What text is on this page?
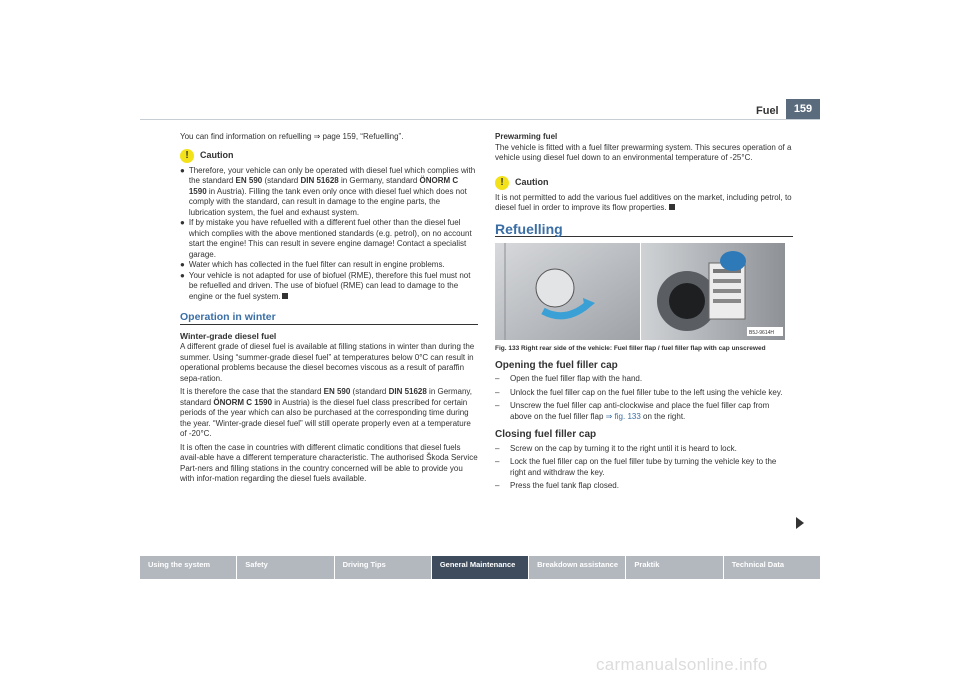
Fuel	159

You can find information on refuelling ⇒ page 159, “Refuelling”.

!	Caution
● Therefore, your vehicle can only be operated with diesel fuel which complies with the standard EN 590 (standard DIN 51628 in Germany, standard ÖNORM C 1590 in Austria). Filling the tank even only once with diesel fuel which does not comply with the standard, can result in damage to the engine parts, the lubrication system, the fuel and exhaust system.
● If by mistake you have refuelled with a different fuel other than the diesel fuel which complies with the above mentioned standards (e.g. petrol), on no account start the engine! This can result in severe engine damage! Contact a specialist garage.
● Water which has collected in the fuel filter can result in engine problems.
● Your vehicle is not adapted for use of biofuel (RME), therefore this fuel must not be refuelled and driven. The use of biofuel (RME) can lead to damage to the engine or the fuel system.
Operation in winter
Winter-grade diesel fuel

A different grade of diesel fuel is available at filling stations in winter than during the summer. Using “summer-grade diesel fuel” at temperatures below 0°C can result in operational problems because the diesel becomes viscous as a result of paraffin sepa-ration.

It is therefore the case that the standard EN 590 (standard DIN 51628 in Germany, standard ÖNORM C 1590 in Austria) is the diesel fuel class prescribed for certain periods of the year which can also be purchased at the corresponding time during the year. “Winter-grade diesel fuel” will still operate properly even at a temperature of -20°C.

It is often the case in countries with different climatic conditions that diesel fuels avail-able have a different temperature characteristic. The authorised Škoda Service Part-ners and filling stations in the country concerned will be able to provide you with infor-mation regarding the diesel fuels available.

Prewarming fuel

The vehicle is fitted with a fuel filter prewarming system. This secures operation of a vehicle using diesel fuel down to an environmental temperature of -25°C.

!	Caution

It is not permitted to add the various fuel additives on the market, including petrol, to diesel fuel in order to improve its flow properties.

Refuelling
B5J-9614H
Fig. 133 Right rear side of the vehicle: Fuel filler flap / fuel filler flap with cap unscrewed
Opening the fuel filler cap
–	Open the fuel filler flap with the hand.
–	Unlock the fuel filler cap on the fuel filler tube to the left using the vehicle key.
–	Unscrew the fuel filler cap anti-clockwise and place the fuel filler cap from above on the fuel filler flap ⇒ fig. 133 on the right.
Closing fuel filler cap
–	Screw on the cap by turning it to the right until it is heard to lock.
–	Lock the fuel filler cap on the fuel filler tube by turning the vehicle key to the right and withdraw the key.
–	Press the fuel tank flap closed.
Using the system	Safety	Driving Tips	General Maintenance	Breakdown assistance	Praktik	Technical Data
carmanualsonline.info
